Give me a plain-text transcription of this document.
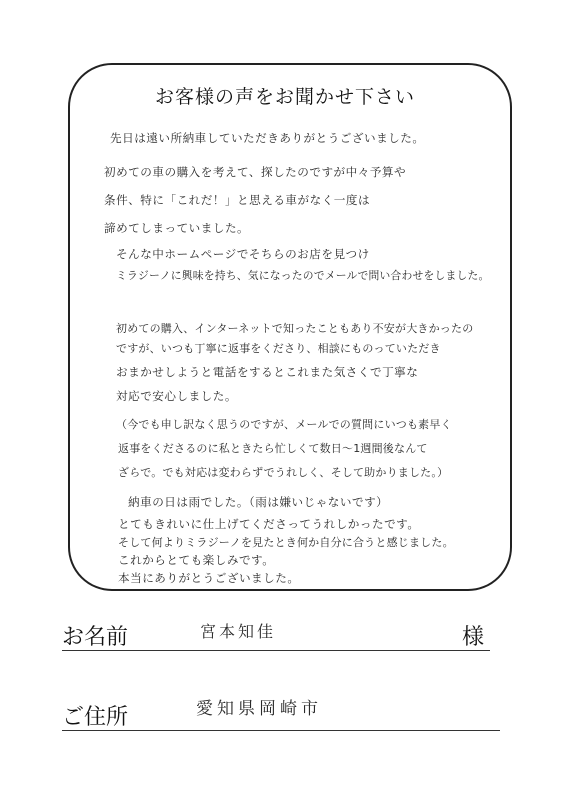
お客様の声をお聞かせ下さい
先日は遠い所納車していただきありがとうございました。
初めての車の購入を考えて、探したのですが中々予算や
条件、特に「これだ！」と思える車がなく一度は
諦めてしまっていました。
そんな中ホームページでそちらのお店を見つけ
ミラジーノに興味を持ち、気になったのでメールで問い合わせをしました。
初めての購入、インターネットで知ったこともあり不安が大きかったの
ですが、いつも丁寧に返事をくださり、相談にものっていただき
おまかせしようと電話をするとこれまた気さくで丁寧な
対応で安心しました。
（今でも申し訳なく思うのですが、メールでの質問にいつも素早く
返事をくださるのに私ときたら忙しくて数日〜1週間後なんて
ざらで。でも対応は変わらずでうれしく、そして助かりました。）
納車の日は雨でした。（雨は嫌いじゃないです）
とてもきれいに仕上げてくださってうれしかったです。
そして何よりミラジーノを見たとき何か自分に合うと感じました。
これからとても楽しみです。
本当にありがとうございました。
お名前	宮本知佳	様
ご住所	愛知県岡崎市
